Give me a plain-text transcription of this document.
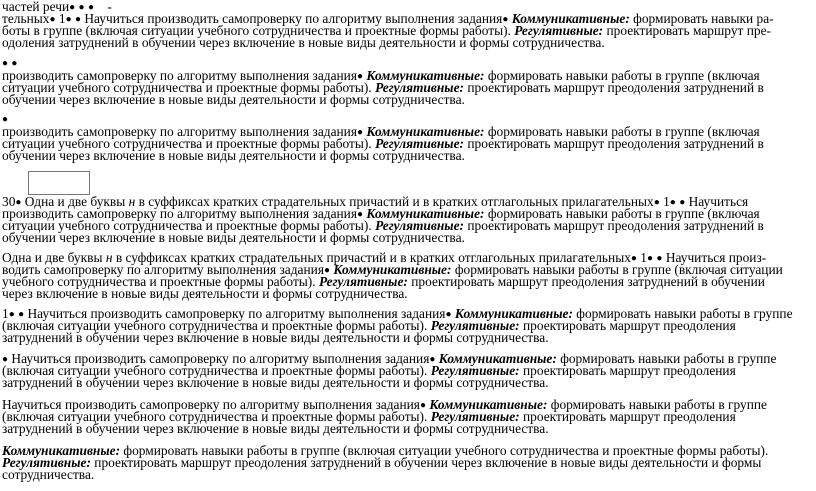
частей речи● ● ● -
тельных● 1● ● Научиться производить самопроверку по алгоритму выполнения задания● Коммуникативные: формировать навыки ра-
боты в группе (включая ситуации учебного сотрудничества и проектные формы работы). Регулятивные: проектировать маршрут пре-
одоления затруднений в обучении через включение в новые виды деятельности и формы сотрудничества.
● ●
производить самопроверку по алгоритму выполнения задания● Коммуникативные: формировать навыки работы в группе (включая
ситуации учебного сотрудничества и проектные формы работы). Регулятивные: проектировать маршрут преодоления затруднений в
обучении через включение в новые виды деятельности и формы сотрудничества.
●
производить самопроверку по алгоритму выполнения задания● Коммуникативные: формировать навыки работы в группе (включая
ситуации учебного сотрудничества и проектные формы работы). Регулятивные: проектировать маршрут преодоления затруднений в
обучении через включение в новые виды деятельности и формы сотрудничества.
30● Одна и две буквы н в суффиксах кратких страдательных причастий и в кратких отглагольных прилагательных● 1● ● Научиться
производить самопроверку по алгоритму выполнения задания● Коммуникативные: формировать навыки работы в группе (включая
ситуации учебного сотрудничества и проектные формы работы). Регулятивные: проектировать маршрут преодоления затруднений в
обучении через включение в новые виды деятельности и формы сотрудничества.
Одна и две буквы н в суффиксах кратких страдательных причастий и в кратких отглагольных прилагательных● 1● ● Научиться произ-
водить самопроверку по алгоритму выполнения задания● Коммуникативные: формировать навыки работы в группе (включая ситуации
учебного сотрудничества и проектные формы работы). Регулятивные: проектировать маршрут преодоления затруднений в обучении
через включение в новые виды деятельности и формы сотрудничества.
1● ● Научиться производить самопроверку по алгоритму выполнения задания● Коммуникативные: формировать навыки работы в группе
(включая ситуации учебного сотрудничества и проектные формы работы). Регулятивные: проектировать маршрут преодоления
затруднений в обучении через включение в новые виды деятельности и формы сотрудничества.
● Научиться производить самопроверку по алгоритму выполнения задания● Коммуникативные: формировать навыки работы в группе
(включая ситуации учебного сотрудничества и проектные формы работы). Регулятивные: проектировать маршрут преодоления
затруднений в обучении через включение в новые виды деятельности и формы сотрудничества.
Научиться производить самопроверку по алгоритму выполнения задания● Коммуникативные: формировать навыки работы в группе
(включая ситуации учебного сотрудничества и проектные формы работы). Регулятивные: проектировать маршрут преодоления
затруднений в обучении через включение в новые виды деятельности и формы сотрудничества.
Коммуникативные: формировать навыки работы в группе (включая ситуации учебного сотрудничества и проектные формы работы).
Регулятивные: проектировать маршрут преодоления затруднений в обучении через включение в новые виды деятельности и формы
сотрудничества.
